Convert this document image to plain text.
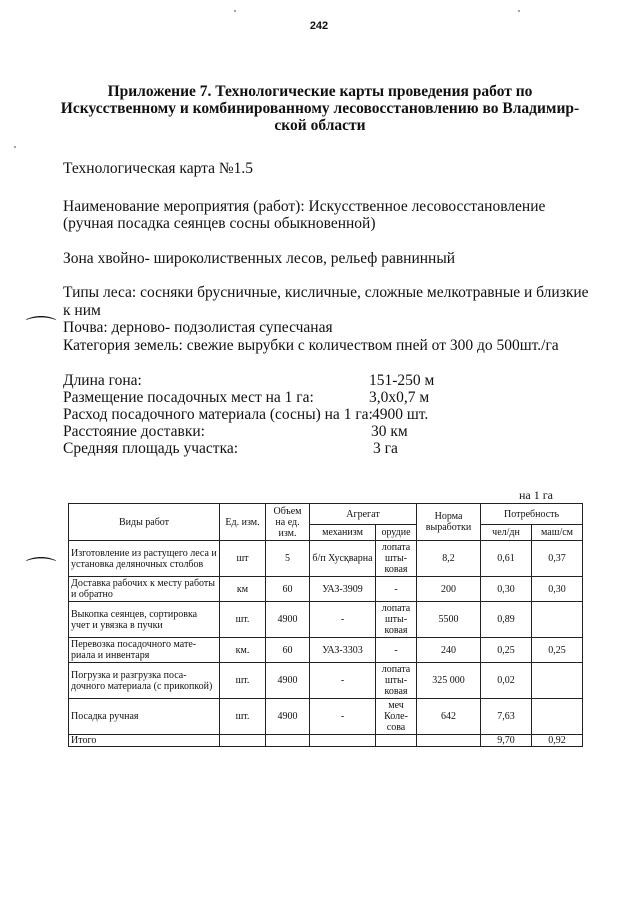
242
Приложение 7. Технологические карты проведения работ по Искусственному и комбинированному лесовосстановлению во Владимир-ской области
Технологическая карта №1.5
Наименование мероприятия (работ): Искусственное лесовосстановление
(ручная посадка сеянцев сосны обыкновенной)
Зона хвойно- широколиственных лесов, рельеф равнинный
Типы леса: сосняки брусничные, кисличные, сложные мелкотравные и близкие
к ним
Почва: дерново- подзолистая супесчаная
Категория земель: свежие вырубки с количеством пней от 300 до 500шт./га
Длина гона:	151-250 м
Размещение посадочных мест на 1 га:	3,0х0,7 м
Расход посадочного материала (сосны) на 1 га: 4900 шт.
Расстояние доставки:	30 км
Средняя площадь участка:	3 га
⌒
⌒
на 1 га
Виды работ	Ед. изм.	Объем на ед. изм.	Агрегат		Норма выработки	Потребность	
			механизм	орудие		чел/дн	маш/см
Изготовление из растущего леса и установка деляночных столбов	шт	5	б/п Хусқварна	лопата шты-ковая	8,2	0,61	0,37
Доставка рабочих к месту работы и обратно	км	60	УАЗ-3909	-	200	0,30	0,30
Выкопка сеянцев, сортировка учет и увязка в пучки	шт.	4900	-	лопата шты-ковая	5500	0,89	
Перевозка посадочного мате-риала и инвентаря	км.	60	УАЗ-3303	-	240	0,25	0,25
Погрузка и разгрузка поса-дочного материала (с прикопкой)	шт.	4900	-	лопата шты-ковая	325 000	0,02	
Посадка ручная	шт.	4900	-	меч Коле-сова	642	7,63	
Итого						9,70	0,92
